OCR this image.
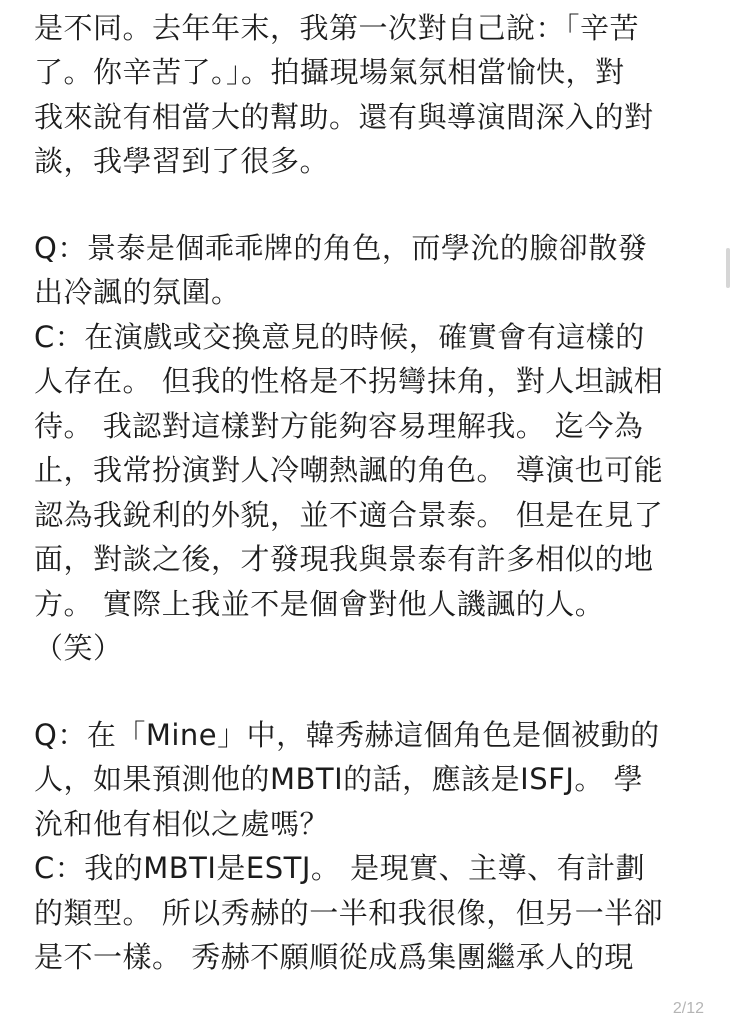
是不同。去年年末，我第一次對自己說：「辛苦
了。你辛苦了。」。拍攝現場氣氛相當愉快，對
我來說有相當大的幫助。還有與導演間深入的對
談，我學習到了很多。
Q：景泰是個乖乖牌的角色，而學沇的臉卻散發
出冷諷的氛圍。
C：在演戲或交換意見的時候，確實會有這樣的
人存在。 但我的性格是不拐彎抹角，對人坦誠相
待。 我認對這樣對方能夠容易理解我。 迄今為
止，我常扮演對人冷嘲熱諷的角色。 導演也可能
認為我銳利的外貌，並不適合景泰。 但是在見了
面，對談之後，才發現我與景泰有許多相似的地
方。 實際上我並不是個會對他人譏諷的人。
（笑）
Q：在「Mine」中，韓秀赫這個角色是個被動的
人，如果預測他的MBTI的話，應該是ISFJ。 學
沇和他有相似之處嗎？
C：我的MBTI是ESTJ。 是現實、主導、有計劃
的類型。 所以秀赫的一半和我很像，但另一半卻
是不一樣。 秀赫不願順從成爲集團繼承人的現
2/12
